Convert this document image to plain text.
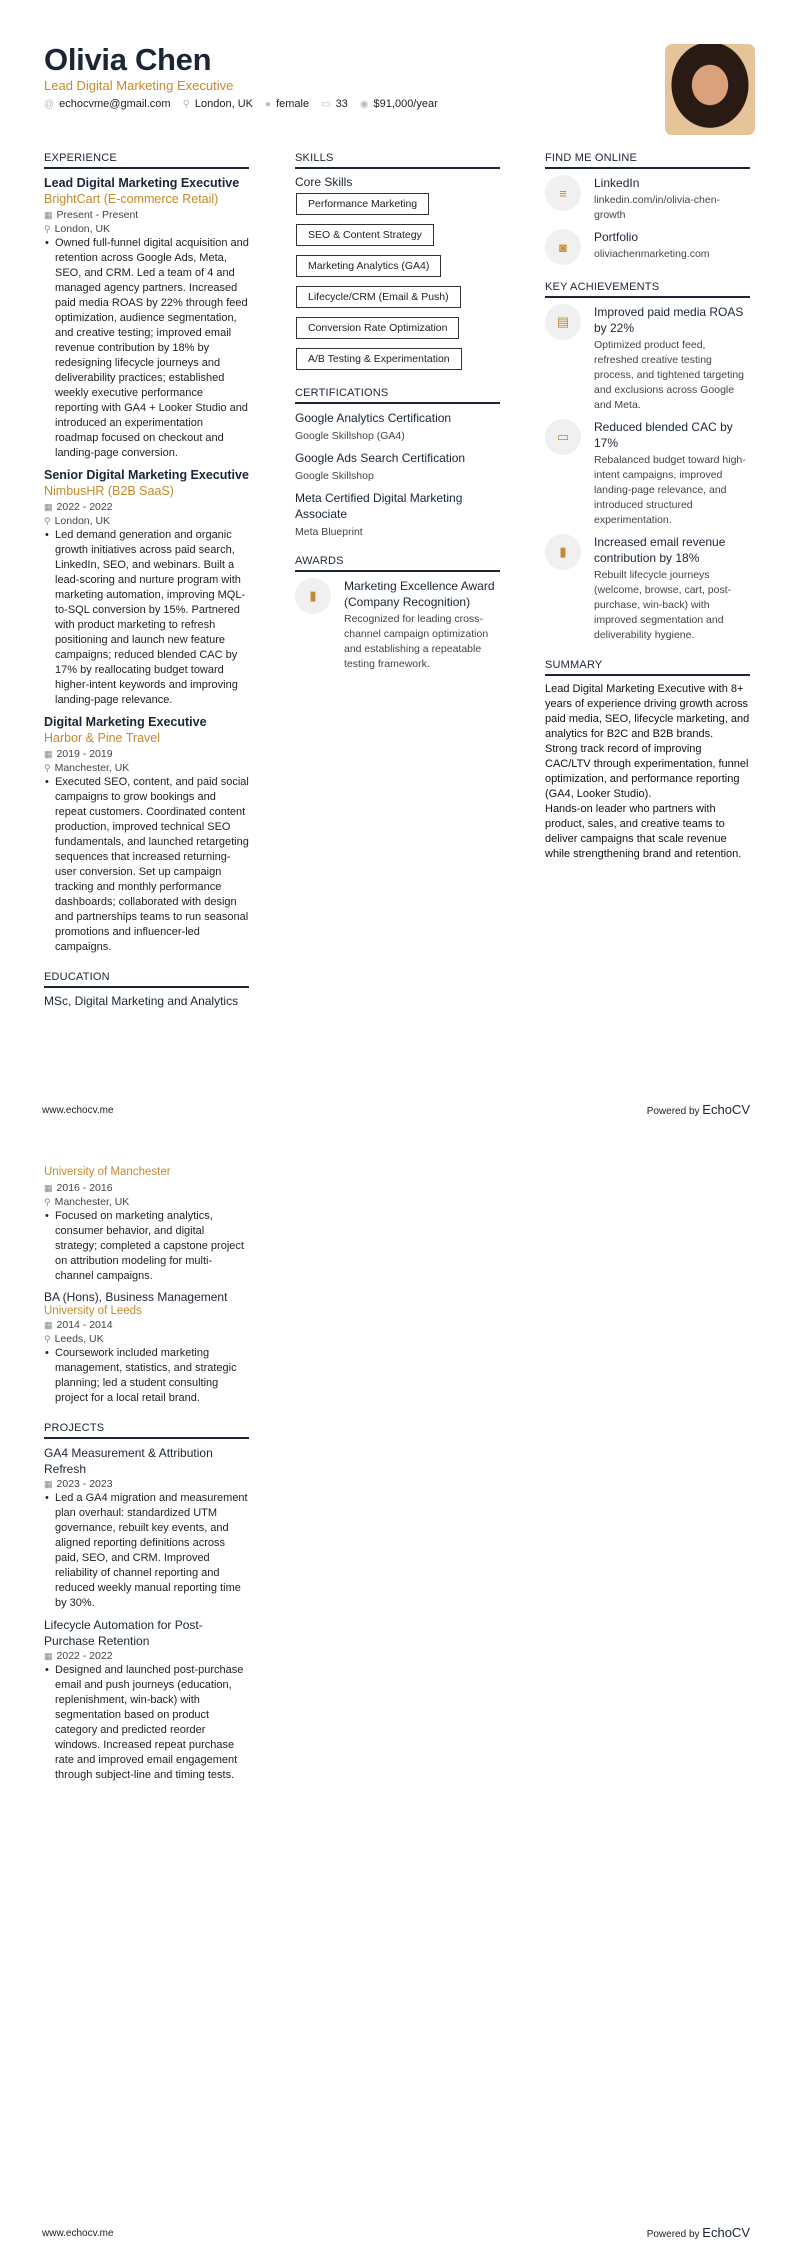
Olivia Chen
Lead Digital Marketing Executive
@ echocvme@gmail.com ⚲ London, UK ● female ▭ 33 ◉ $91,000/year
EXPERIENCE
Lead Digital Marketing Executive
BrightCart (E-commerce Retail)
▦ Present - Present
⚲ London, UK
• Owned full-funnel digital acquisition and retention across Google Ads, Meta, SEO, and CRM. Led a team of 4 and managed agency partners. Increased paid media ROAS by 22% through feed optimization, audience segmentation, and creative testing; improved email revenue contribution by 18% by redesigning lifecycle journeys and deliverability practices; established weekly executive performance reporting with GA4 + Looker Studio and introduced an experimentation roadmap focused on checkout and landing-page conversion.
Senior Digital Marketing Executive
NimbusHR (B2B SaaS)
▦ 2022 - 2022
⚲ London, UK
• Led demand generation and organic growth initiatives across paid search, LinkedIn, SEO, and webinars. Built a lead-scoring and nurture program with marketing automation, improving MQL-to-SQL conversion by 15%. Partnered with product marketing to refresh positioning and launch new feature campaigns; reduced blended CAC by 17% by reallocating budget toward higher-intent keywords and improving landing-page relevance.
Digital Marketing Executive
Harbor & Pine Travel
▦ 2019 - 2019
⚲ Manchester, UK
• Executed SEO, content, and paid social campaigns to grow bookings and repeat customers. Coordinated content production, improved technical SEO fundamentals, and launched retargeting sequences that increased returning-user conversion. Set up campaign tracking and monthly performance dashboards; collaborated with design and partnerships teams to run seasonal promotions and influencer-led campaigns.
EDUCATION
MSc, Digital Marketing and Analytics
SKILLS
Core Skills
Performance Marketing
SEO & Content Strategy
Marketing Analytics (GA4)
Lifecycle/CRM (Email & Push)
Conversion Rate Optimization
A/B Testing & Experimentation
CERTIFICATIONS
Google Analytics Certification
Google Skillshop (GA4)
Google Ads Search Certification
Google Skillshop
Meta Certified Digital Marketing Associate
Meta Blueprint
AWARDS
▮
Marketing Excellence Award (Company Recognition)
Recognized for leading cross-channel campaign optimization and establishing a repeatable testing framework.
FIND ME ONLINE
≡
LinkedIn
linkedin.com/in/olivia-chen-growth
◙
Portfolio
oliviachenmarketing.com
KEY ACHIEVEMENTS
▤
Improved paid media ROAS by 22%
Optimized product feed, refreshed creative testing process, and tightened targeting and exclusions across Google and Meta.
▭
Reduced blended CAC by 17%
Rebalanced budget toward high-intent campaigns, improved landing-page relevance, and introduced structured experimentation.
▮
Increased email revenue contribution by 18%
Rebuilt lifecycle journeys (welcome, browse, cart, post-purchase, win-back) with improved segmentation and deliverability hygiene.
SUMMARY
Lead Digital Marketing Executive with 8+ years of experience driving growth across paid media, SEO, lifecycle marketing, and analytics for B2C and B2B brands.
Strong track record of improving CAC/LTV through experimentation, funnel optimization, and performance reporting (GA4, Looker Studio).
Hands-on leader who partners with product, sales, and creative teams to deliver campaigns that scale revenue while strengthening brand and retention.
www.echocv.me	Powered by EchoCV
University of Manchester
▦ 2016 - 2016
⚲ Manchester, UK
• Focused on marketing analytics, consumer behavior, and digital strategy; completed a capstone project on attribution modeling for multi-channel campaigns.
BA (Hons), Business Management
University of Leeds
▦ 2014 - 2014
⚲ Leeds, UK
• Coursework included marketing management, statistics, and strategic planning; led a student consulting project for a local retail brand.
PROJECTS
GA4 Measurement & Attribution Refresh
▦ 2023 - 2023
• Led a GA4 migration and measurement plan overhaul: standardized UTM governance, rebuilt key events, and aligned reporting definitions across paid, SEO, and CRM. Improved reliability of channel reporting and reduced weekly manual reporting time by 30%.
Lifecycle Automation for Post-Purchase Retention
▦ 2022 - 2022
• Designed and launched post-purchase email and push journeys (education, replenishment, win-back) with segmentation based on product category and predicted reorder windows. Increased repeat purchase rate and improved email engagement through subject-line and timing tests.
www.echocv.me	Powered by EchoCV
